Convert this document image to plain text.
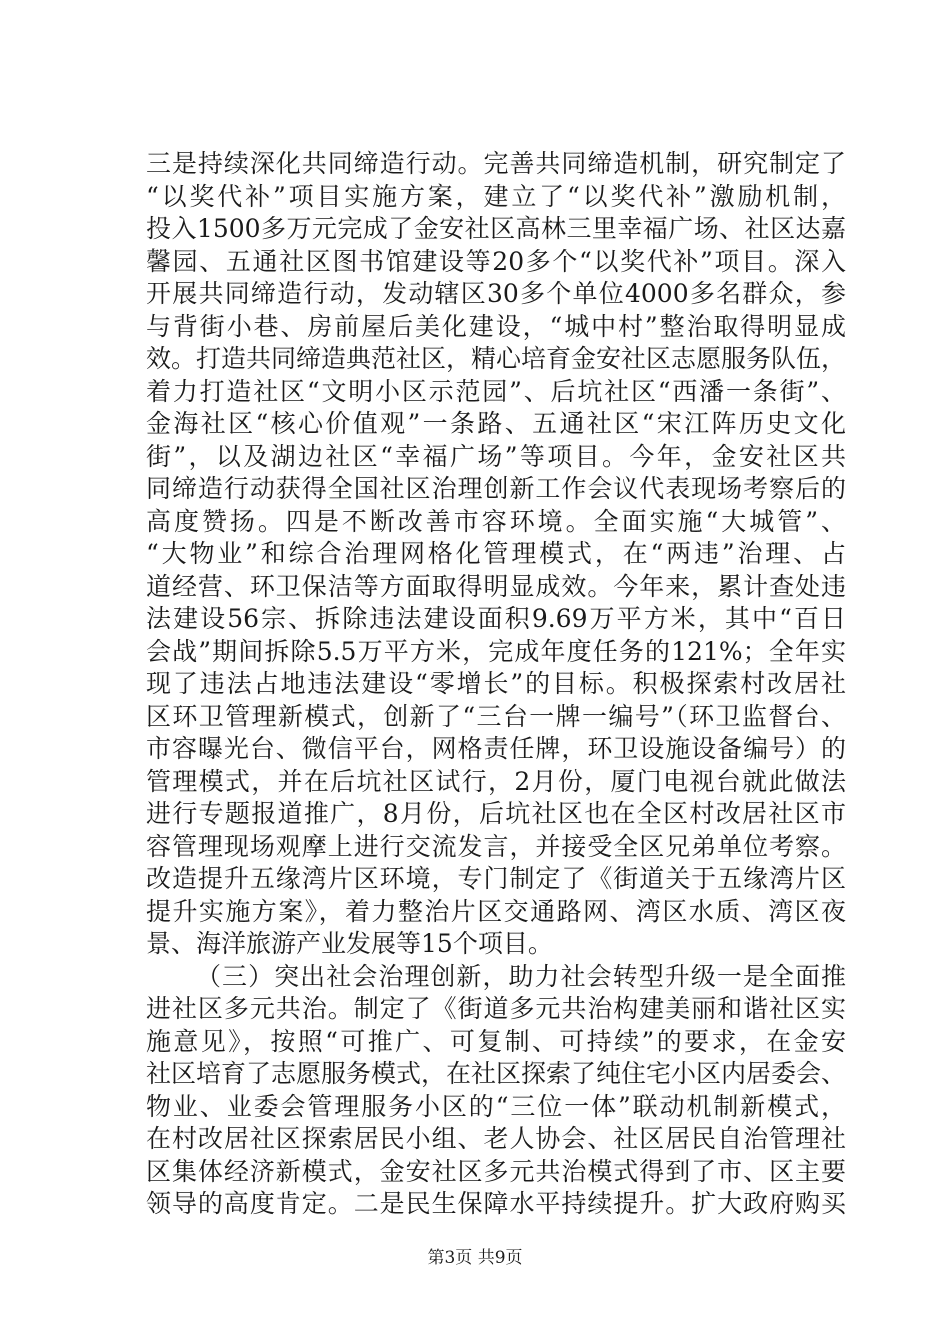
三是持续深化共同缔造行动。完善共同缔造机制，研究制定了
“以奖代补”项目实施方案，建立了“以奖代补”激励机制，
投入1500多万元完成了金安社区高林三里幸福广场、社区达嘉
馨园、五通社区图书馆建设等20多个“以奖代补”项目。深入
开展共同缔造行动，发动辖区30多个单位4000多名群众，参
与背街小巷、房前屋后美化建设，“城中村”整治取得明显成
效。打造共同缔造典范社区，精心培育金安社区志愿服务队伍，
着力打造社区“文明小区示范园”、后坑社区“西潘一条街”、
金海社区“核心价值观”一条路、五通社区“宋江阵历史文化
街”，以及湖边社区“幸福广场”等项目。今年，金安社区共
同缔造行动获得全国社区治理创新工作会议代表现场考察后的
高度赞扬。四是不断改善市容环境。全面实施“大城管”、
“大物业”和综合治理网格化管理模式，在“两违”治理、占
道经营、环卫保洁等方面取得明显成效。今年来，累计查处违
法建设56宗、拆除违法建设面积9.69万平方米，其中“百日
会战”期间拆除5.5万平方米，完成年度任务的121%；全年实
现了违法占地违法建设“零增长”的目标。积极探索村改居社
区环卫管理新模式，创新了“三台一牌一编号”（环卫监督台、
市容曝光台、微信平台，网格责任牌，环卫设施设备编号）的
管理模式，并在后坑社区试行，2月份，厦门电视台就此做法
进行专题报道推广，8月份，后坑社区也在全区村改居社区市
容管理现场观摩上进行交流发言，并接受全区兄弟单位考察。
改造提升五缘湾片区环境，专门制定了《街道关于五缘湾片区
提升实施方案》，着力整治片区交通路网、湾区水质、湾区夜
景、海洋旅游产业发展等15个项目。
（三）突出社会治理创新，助力社会转型升级一是全面推
进社区多元共治。制定了《街道多元共治构建美丽和谐社区实
施意见》，按照“可推广、可复制、可持续”的要求，在金安
社区培育了志愿服务模式，在社区探索了纯住宅小区内居委会、
物业、业委会管理服务小区的“三位一体”联动机制新模式，
在村改居社区探索居民小组、老人协会、社区居民自治管理社
区集体经济新模式，金安社区多元共治模式得到了市、区主要
领导的高度肯定。二是民生保障水平持续提升。扩大政府购买
第3页 共9页
